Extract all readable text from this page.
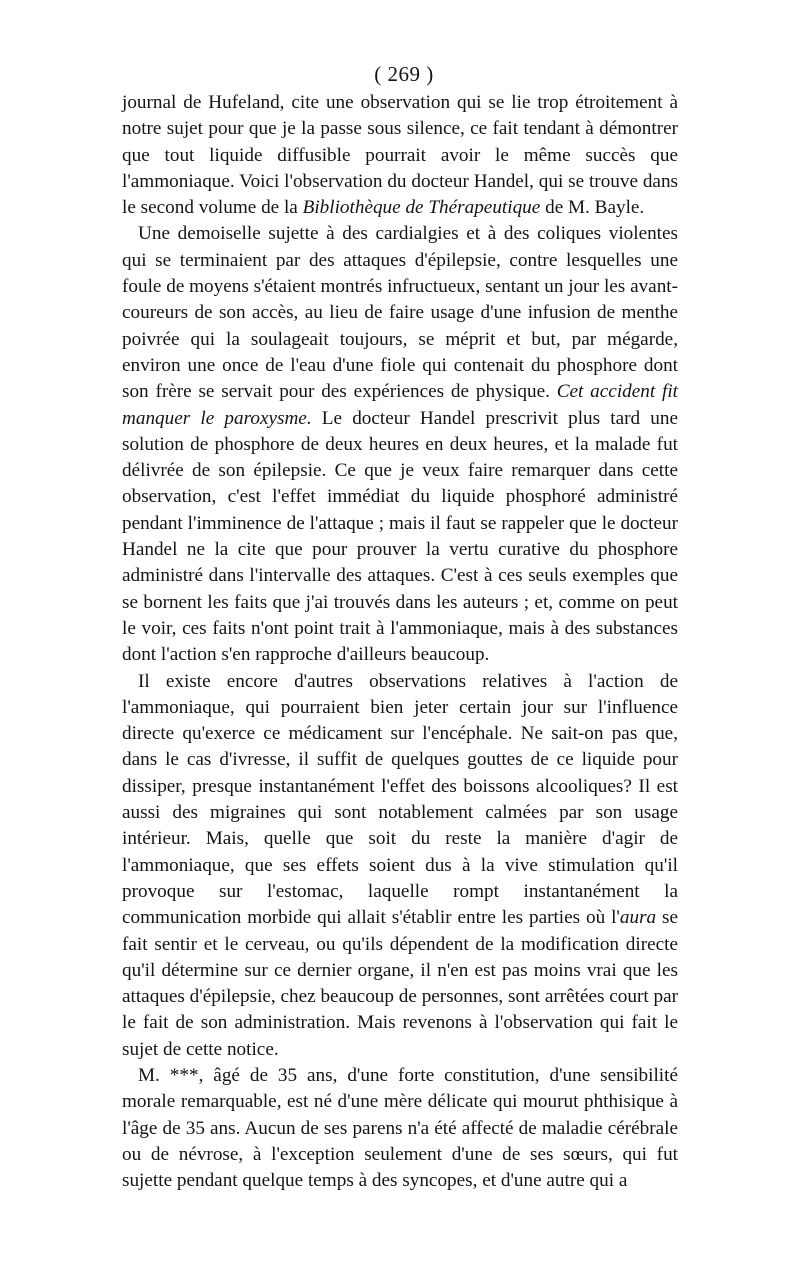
( 269 )

journal de Hufeland, cite une observation qui se lie trop étroitement à notre sujet pour que je la passe sous silence, ce fait tendant à démontrer que tout liquide diffusible pourrait avoir le même succès que l'ammoniaque. Voici l'observation du docteur Handel, qui se trouve dans le second volume de la Bibliothèque de Thérapeutique de M. Bayle.

Une demoiselle sujette à des cardialgies et à des coliques violentes qui se terminaient par des attaques d'épilepsie, contre lesquelles une foule de moyens s'étaient montrés infructueux, sentant un jour les avant-coureurs de son accès, au lieu de faire usage d'une infusion de menthe poivrée qui la soulageait toujours, se méprit et but, par mégarde, environ une once de l'eau d'une fiole qui contenait du phosphore dont son frère se servait pour des expériences de physique. Cet accident fit manquer le paroxysme. Le docteur Handel prescrivit plus tard une solution de phosphore de deux heures en deux heures, et la malade fut délivrée de son épilepsie. Ce que je veux faire remarquer dans cette observation, c'est l'effet immédiat du liquide phosphoré administré pendant l'imminence de l'attaque ; mais il faut se rappeler que le docteur Handel ne la cite que pour prouver la vertu curative du phosphore administré dans l'intervalle des attaques. C'est à ces seuls exemples que se bornent les faits que j'ai trouvés dans les auteurs ; et, comme on peut le voir, ces faits n'ont point trait à l'ammoniaque, mais à des substances dont l'action s'en rapproche d'ailleurs beaucoup.

Il existe encore d'autres observations relatives à l'action de l'ammoniaque, qui pourraient bien jeter certain jour sur l'influence directe qu'exerce ce médicament sur l'encéphale. Ne sait-on pas que, dans le cas d'ivresse, il suffit de quelques gouttes de ce liquide pour dissiper, presque instantanément l'effet des boissons alcooliques? Il est aussi des migraines qui sont notablement calmées par son usage intérieur. Mais, quelle que soit du reste la manière d'agir de l'ammoniaque, que ses effets soient dus à la vive stimulation qu'il provoque sur l'estomac, laquelle rompt instantanément la communication morbide qui allait s'établir entre les parties où l'aura se fait sentir et le cerveau, ou qu'ils dépendent de la modification directe qu'il détermine sur ce dernier organe, il n'en est pas moins vrai que les attaques d'épilepsie, chez beaucoup de personnes, sont arrêtées court par le fait de son administration. Mais revenons à l'observation qui fait le sujet de cette notice.

M. ***, âgé de 35 ans, d'une forte constitution, d'une sensibilité morale remarquable, est né d'une mère délicate qui mourut phthisique à l'âge de 35 ans. Aucun de ses parens n'a été affecté de maladie cérébrale ou de névrose, à l'exception seulement d'une de ses sœurs, qui fut sujette pendant quelque temps à des syncopes, et d'une autre qui a
